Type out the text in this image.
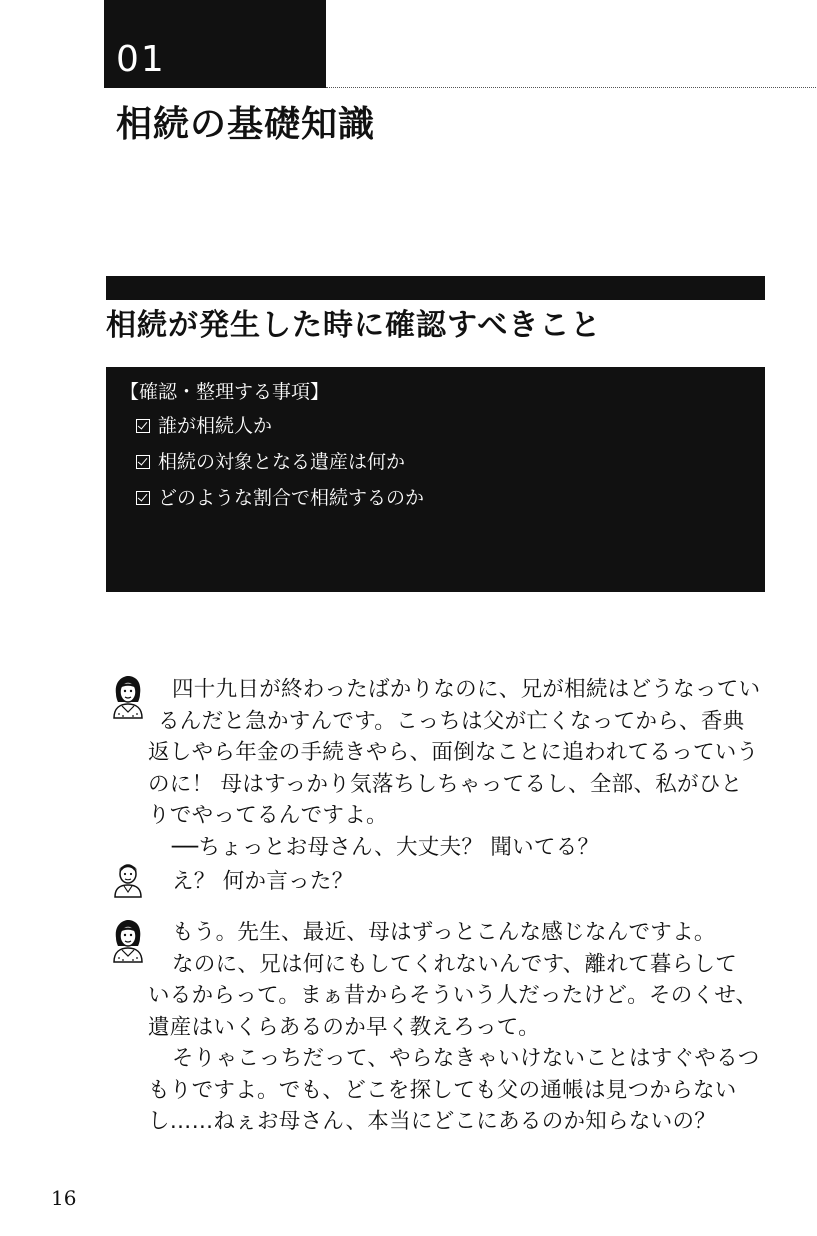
01
相続の基礎知識
相続が発生した時に確認すべきこと
【確認・整理する事項】
誰が相続人か
相続の対象となる遺産は何か
どのような割合で相続するのか

四十九日が終わったばかりなのに、兄が相続はどうなってい

るんだと急かすんです。こっちは父が亡くなってから、香典

返しやら年金の手続きやら、面倒なことに追われてるっていう

のに！ 母はすっかり気落ちしちゃってるし、全部、私がひと

りでやってるんですよ。

──ちょっとお母さん、大丈夫？ 聞いてる？

え？ 何か言った？

もう。先生、最近、母はずっとこんな感じなんですよ。

なのに、兄は何にもしてくれないんです、離れて暮らして

いるからって。まぁ昔からそういう人だったけど。そのくせ、

遺産はいくらあるのか早く教えろって。

そりゃこっちだって、やらなきゃいけないことはすぐやるつ

もりですよ。でも、どこを探しても父の通帳は見つからない

し……ねぇお母さん、本当にどこにあるのか知らないの？

16
